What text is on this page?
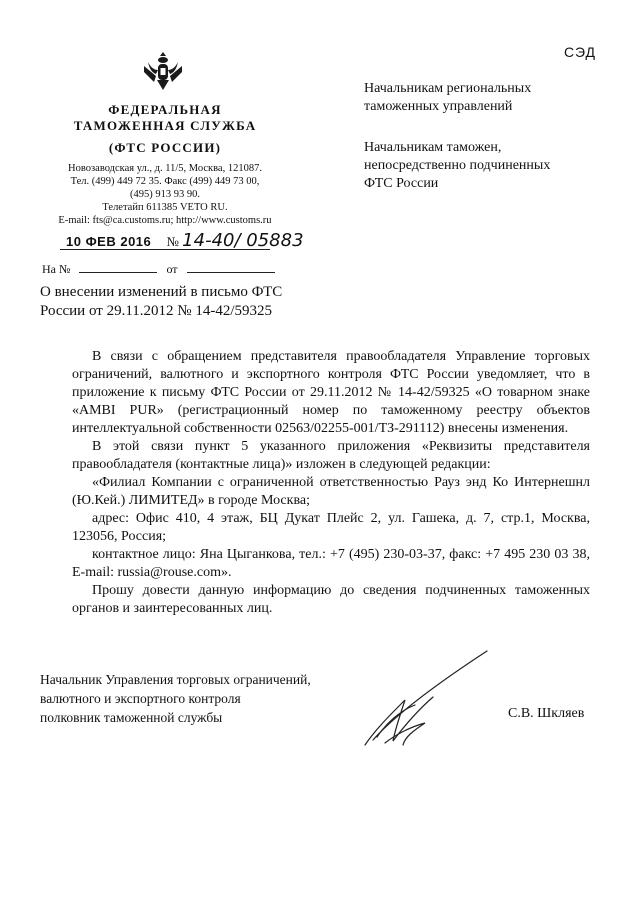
СЭД
ФЕДЕРАЛЬНАЯ
ТАМОЖЕННАЯ СЛУЖБА
(ФТС РОССИИ)
Новозаводская ул., д. 11/5, Москва, 121087.
Тел. (499) 449 72 35. Факс (499) 449 73 00,
(495) 913 93 90.
Телетайп 611385 VETO RU.
E-mail: fts@ca.customs.ru; http://www.customs.ru
10 ФЕВ 2016 № 14-40/ 05883
На №	от
Начальникам региональных
таможенных управлений
Начальникам таможен,
непосредственно подчиненных
ФТС России
О внесении изменений в письмо ФТС
России от 29.11.2012 № 14-42/59325

В связи с обращением представителя правообладателя Управление торговых ограничений, валютного и экспортного контроля ФТС России уведомляет, что в приложение к письму ФТС России от 29.11.2012 № 14-42/59325 «О товарном знаке «AMBI PUR» (регистрационный номер по таможенному реестру объектов интеллектуальной собственности 02563/02255-001/ТЗ-291112) внесены изменения.

В этой связи пункт 5 указанного приложения «Реквизиты представителя правообладателя (контактные лица)» изложен в следующей редакции:

«Филиал Компании с ограниченной ответственностью Рауз энд Ко Интернешнл (Ю.Кей.) ЛИМИТЕД» в городе Москва;

адрес: Офис 410, 4 этаж, БЦ Дукат Плейс 2, ул. Гашека, д. 7, стр.1, Москва, 123056, Россия;

контактное лицо: Яна Цыганкова, тел.: +7 (495) 230-03-37, факс: +7 495 230 03 38, E-mail: russia@rouse.com».

Прошу довести данную информацию до сведения подчиненных таможенных органов и заинтересованных лиц.

Начальник Управления торговых ограничений,
валютного и экспортного контроля
полковник таможенной службы	С.В. Шкляев
